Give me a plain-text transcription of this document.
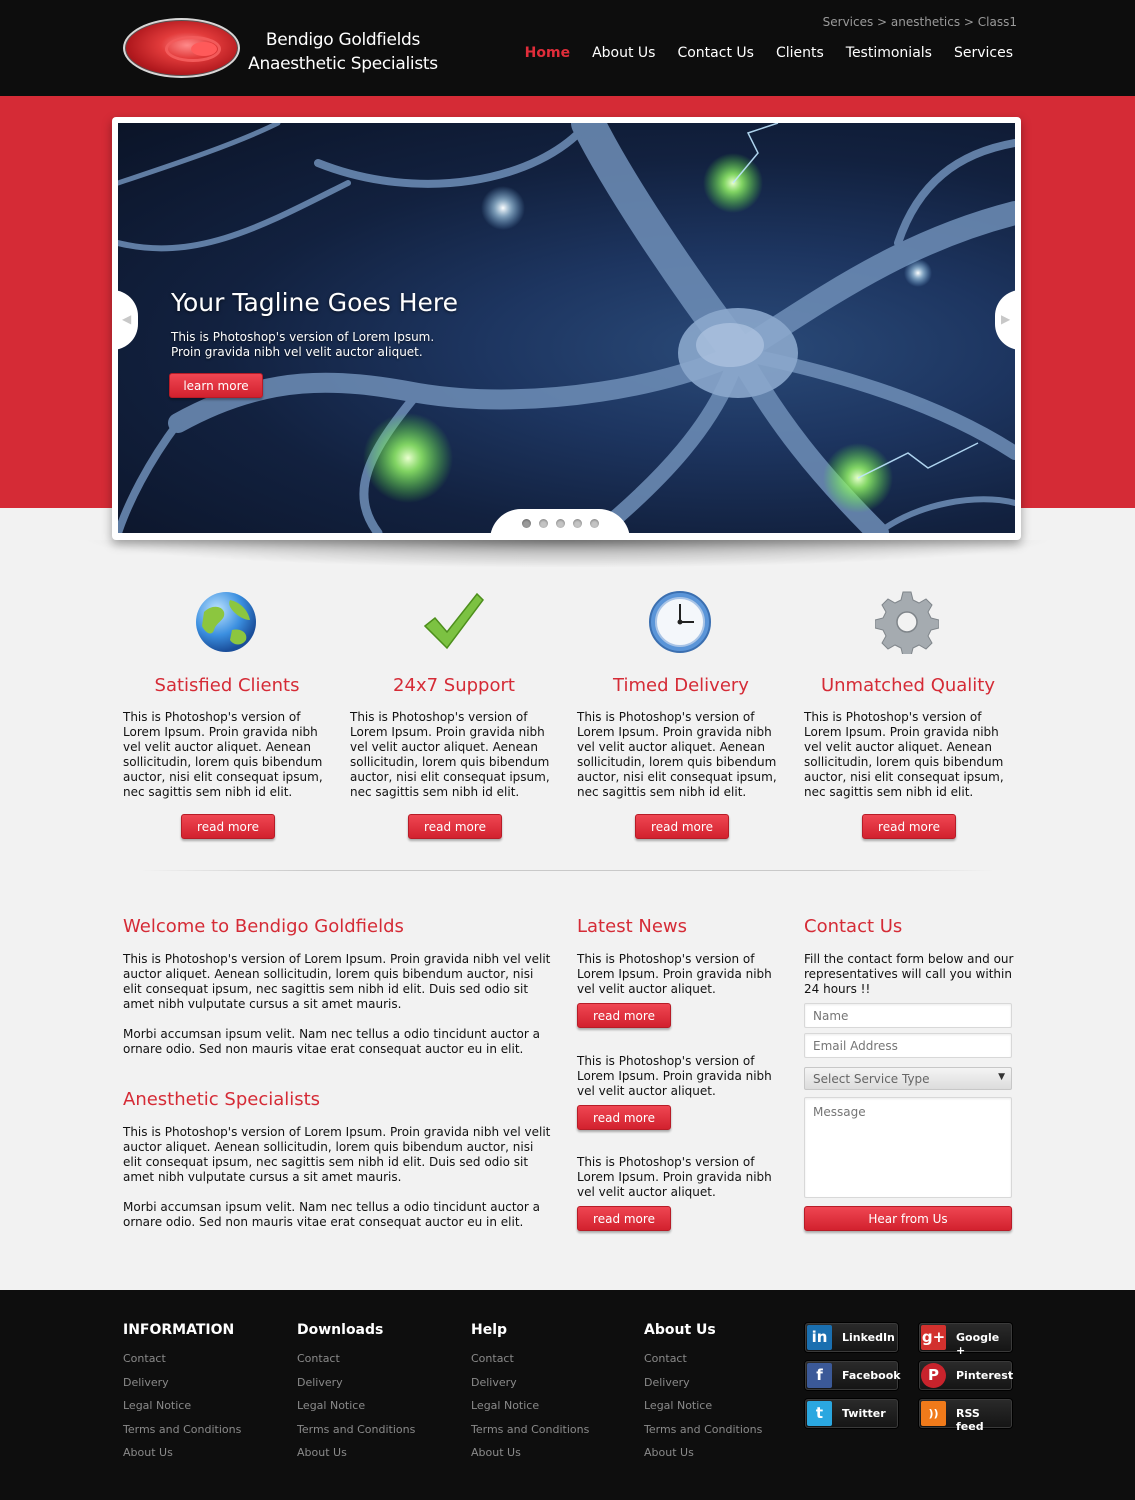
Bendigo Goldfields
Anaesthetic Specialists
Services > anesthetics > Class1
Home About Us Contact Us Clients Testimonials Services
◀	▶
Your Tagline Goes Here
This is Photoshop's version of Lorem Ipsum. Proin gravida nibh vel velit auctor aliquet.
learn more
Satisfied Clients

This is Photoshop's version of Lorem Ipsum. Proin gravida nibh vel velit auctor aliquet. Aenean sollicitudin, lorem quis bibendum auctor, nisi elit consequat ipsum, nec sagittis sem nibh id elit.

read more
24x7 Support

This is Photoshop's version of Lorem Ipsum. Proin gravida nibh vel velit auctor aliquet. Aenean sollicitudin, lorem quis bibendum auctor, nisi elit consequat ipsum, nec sagittis sem nibh id elit.

read more
Timed Delivery

This is Photoshop's version of Lorem Ipsum. Proin gravida nibh vel velit auctor aliquet. Aenean sollicitudin, lorem quis bibendum auctor, nisi elit consequat ipsum, nec sagittis sem nibh id elit.

read more
Unmatched Quality

This is Photoshop's version of Lorem Ipsum. Proin gravida nibh vel velit auctor aliquet. Aenean sollicitudin, lorem quis bibendum auctor, nisi elit consequat ipsum, nec sagittis sem nibh id elit.

read more
Welcome to Bendigo Goldfields

This is Photoshop's version of Lorem Ipsum. Proin gravida nibh vel velit auctor aliquet. Aenean sollicitudin, lorem quis bibendum auctor, nisi elit consequat ipsum, nec sagittis sem nibh id elit. Duis sed odio sit amet nibh vulputate cursus a sit amet mauris.

Morbi accumsan ipsum velit. Nam nec tellus a odio tincidunt auctor a ornare odio. Sed non mauris vitae erat consequat auctor eu in elit.

Anesthetic Specialists

This is Photoshop's version of Lorem Ipsum. Proin gravida nibh vel velit auctor aliquet. Aenean sollicitudin, lorem quis bibendum auctor, nisi elit consequat ipsum, nec sagittis sem nibh id elit. Duis sed odio sit amet nibh vulputate cursus a sit amet mauris.

Morbi accumsan ipsum velit. Nam nec tellus a odio tincidunt auctor a ornare odio. Sed non mauris vitae erat consequat auctor eu in elit.

Latest News

This is Photoshop's version of Lorem Ipsum. Proin gravida nibh vel velit auctor aliquet.

read more

This is Photoshop's version of Lorem Ipsum. Proin gravida nibh vel velit auctor aliquet.

read more

This is Photoshop's version of Lorem Ipsum. Proin gravida nibh vel velit auctor aliquet.

read more
Contact Us

Fill the contact form below and our representatives will call you within 24 hours !!

Name
Email Address
Select Service Type	▼
Message
Hear from Us
INFORMATION
Contact
Delivery
Legal Notice
Terms and Conditions
About Us
Downloads
Contact
Delivery
Legal Notice
Terms and Conditions
About Us
Help
Contact
Delivery
Legal Notice
Terms and Conditions
About Us
About Us
Contact
Delivery
Legal Notice
Terms and Conditions
About Us
in	LinkedIn g+ Google +
f	Facebook	P	Pinterest
t	Twitter	))	RSS feed
